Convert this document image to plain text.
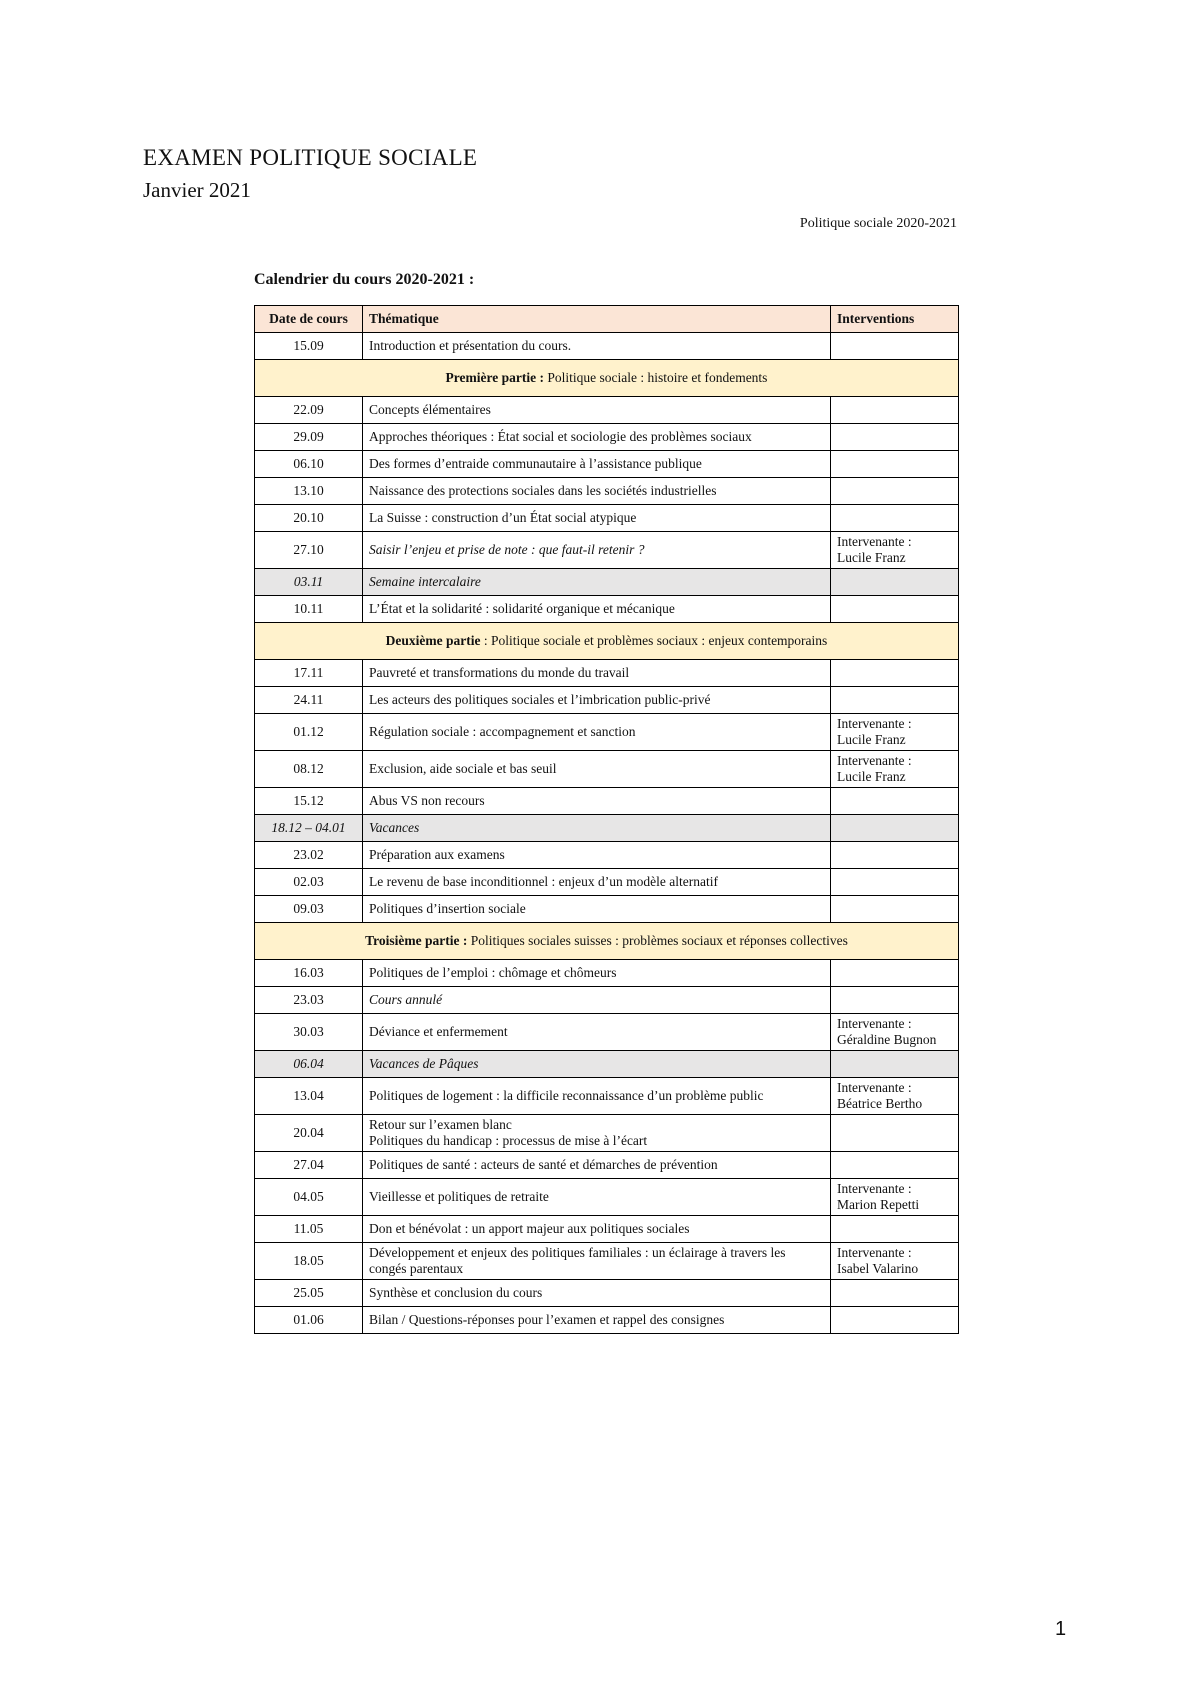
EXAMEN POLITIQUE SOCIALE
Janvier 2021
Politique sociale 2020-2021
Calendrier du cours 2020-2021 :
Date de cours	Thématique	Interventions
15.09	Introduction et présentation du cours.	
Première partie : Politique sociale : histoire et fondements		
22.09	Concepts élémentaires	
29.09	Approches théoriques : État social et sociologie des problèmes sociaux	
06.10	Des formes d’entraide communautaire à l’assistance publique	
13.10	Naissance des protections sociales dans les sociétés industrielles	
20.10	La Suisse : construction d’un État social atypique	
27.10	Saisir l’enjeu et prise de note : que faut-il retenir ?	Intervenante :
Lucile Franz

03.11	Semaine intercalaire	
10.11	L’État et la solidarité : solidarité organique et mécanique	
Deuxième partie : Politique sociale et problèmes sociaux : enjeux contemporains		
17.11	Pauvreté et transformations du monde du travail	
24.11	Les acteurs des politiques sociales et l’imbrication public-privé	
01.12	Régulation sociale : accompagnement et sanction	Intervenante :
Lucile Franz

08.12	Exclusion, aide sociale et bas seuil	Intervenante :
Lucile Franz

15.12	Abus VS non recours	
18.12 – 04.01	Vacances	
23.02	Préparation aux examens	
02.03	Le revenu de base inconditionnel : enjeux d’un modèle alternatif	
09.03	Politiques d’insertion sociale	
Troisième partie : Politiques sociales suisses : problèmes sociaux et réponses collectives		
16.03	Politiques de l’emploi : chômage et chômeurs	
23.03	Cours annulé	
30.03	Déviance et enfermement	Intervenante :
Géraldine Bugnon

06.04	Vacances de Pâques	
13.04	Politiques de logement : la difficile reconnaissance d’un problème public	Intervenante :
Béatrice Bertho

20.04	Retour sur l’examen blanc
Politiques du handicap : processus de mise à l’écart	

27.04	Politiques de santé : acteurs de santé et démarches de prévention	
04.05	Vieillesse et politiques de retraite	Intervenante :
Marion Repetti

11.05	Don et bénévolat : un apport majeur aux politiques sociales	
18.05	Développement et enjeux des politiques familiales : un éclairage à travers les congés parentaux	Intervenante :
Isabel Valarino

25.05	Synthèse et conclusion du cours	
01.06	Bilan / Questions-réponses pour l’examen et rappel des consignes	
1
